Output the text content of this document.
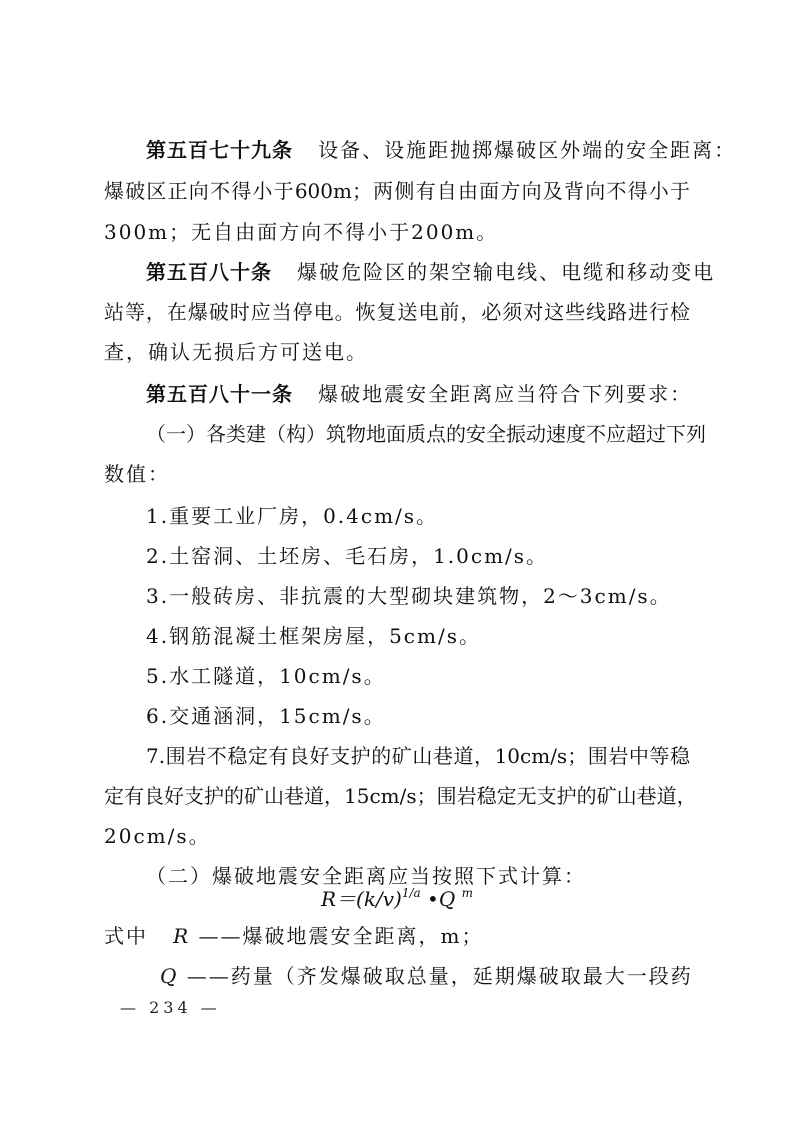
第五百七十九条 设备、设施距抛掷爆破区外端的安全距离：
爆破区正向不得小于600m；两侧有自由面方向及背向不得小于
300m；无自由面方向不得小于200m。
第五百八十条 爆破危险区的架空输电线、电缆和移动变电
站等，在爆破时应当停电。恢复送电前，必须对这些线路进行检
查，确认无损后方可送电。
第五百八十一条 爆破地震安全距离应当符合下列要求：
（一）各类建（构）筑物地面质点的安全振动速度不应超过下列
数值：
1.重要工业厂房，0.4cm/s。
2.土窑洞、土坯房、毛石房，1.0cm/s。
3.一般砖房、非抗震的大型砌块建筑物，2～3cm/s。
4.钢筋混凝土框架房屋，5cm/s。
5.水工隧道，10cm/s。
6.交通涵洞，15cm/s。
7.围岩不稳定有良好支护的矿山巷道，10cm/s；围岩中等稳
定有良好支护的矿山巷道，15cm/s；围岩稳定无支护的矿山巷道，
20cm/s。
（二）爆破地震安全距离应当按照下式计算：
$R=(k/v)^{1/a}$ •Q $^m$
式中 R ——爆破地震安全距离，m；
Q ——药量（齐发爆破取总量，延期爆破取最大一段药
— 234 —
